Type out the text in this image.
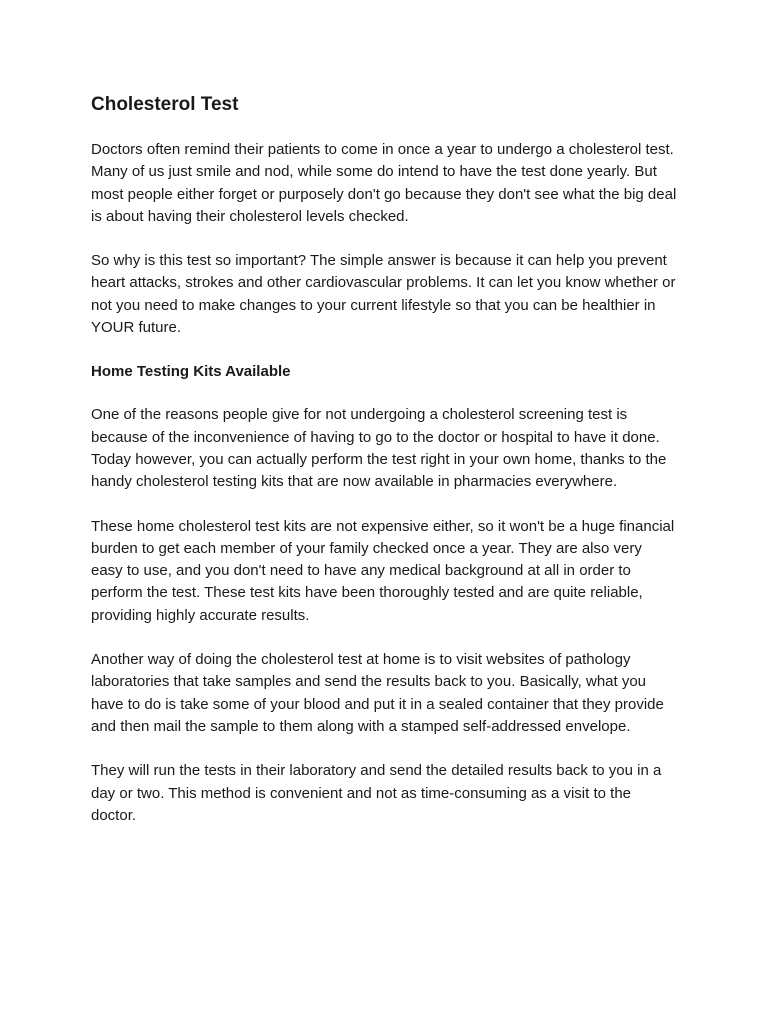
Cholesterol Test

Doctors often remind their patients to come in once a year to undergo a cholesterol test. Many of us just smile and nod, while some do intend to have the test done yearly. But most people either forget or purposely don't go because they don't see what the big deal is about having their cholesterol levels checked.

So why is this test so important? The simple answer is because it can help you prevent heart attacks, strokes and other cardiovascular problems. It can let you know whether or not you need to make changes to your current lifestyle so that you can be healthier in YOUR future.

Home Testing Kits Available

One of the reasons people give for not undergoing a cholesterol screening test is because of the inconvenience of having to go to the doctor or hospital to have it done. Today however, you can actually perform the test right in your own home, thanks to the handy cholesterol testing kits that are now available in pharmacies everywhere.

These home cholesterol test kits are not expensive either, so it won't be a huge financial burden to get each member of your family checked once a year. They are also very easy to use, and you don't need to have any medical background at all in order to perform the test. These test kits have been thoroughly tested and are quite reliable, providing highly accurate results.

Another way of doing the cholesterol test at home is to visit websites of pathology laboratories that take samples and send the results back to you. Basically, what you have to do is take some of your blood and put it in a sealed container that they provide and then mail the sample to them along with a stamped self-addressed envelope.

They will run the tests in their laboratory and send the detailed results back to you in a day or two. This method is convenient and not as time-consuming as a visit to the doctor.
